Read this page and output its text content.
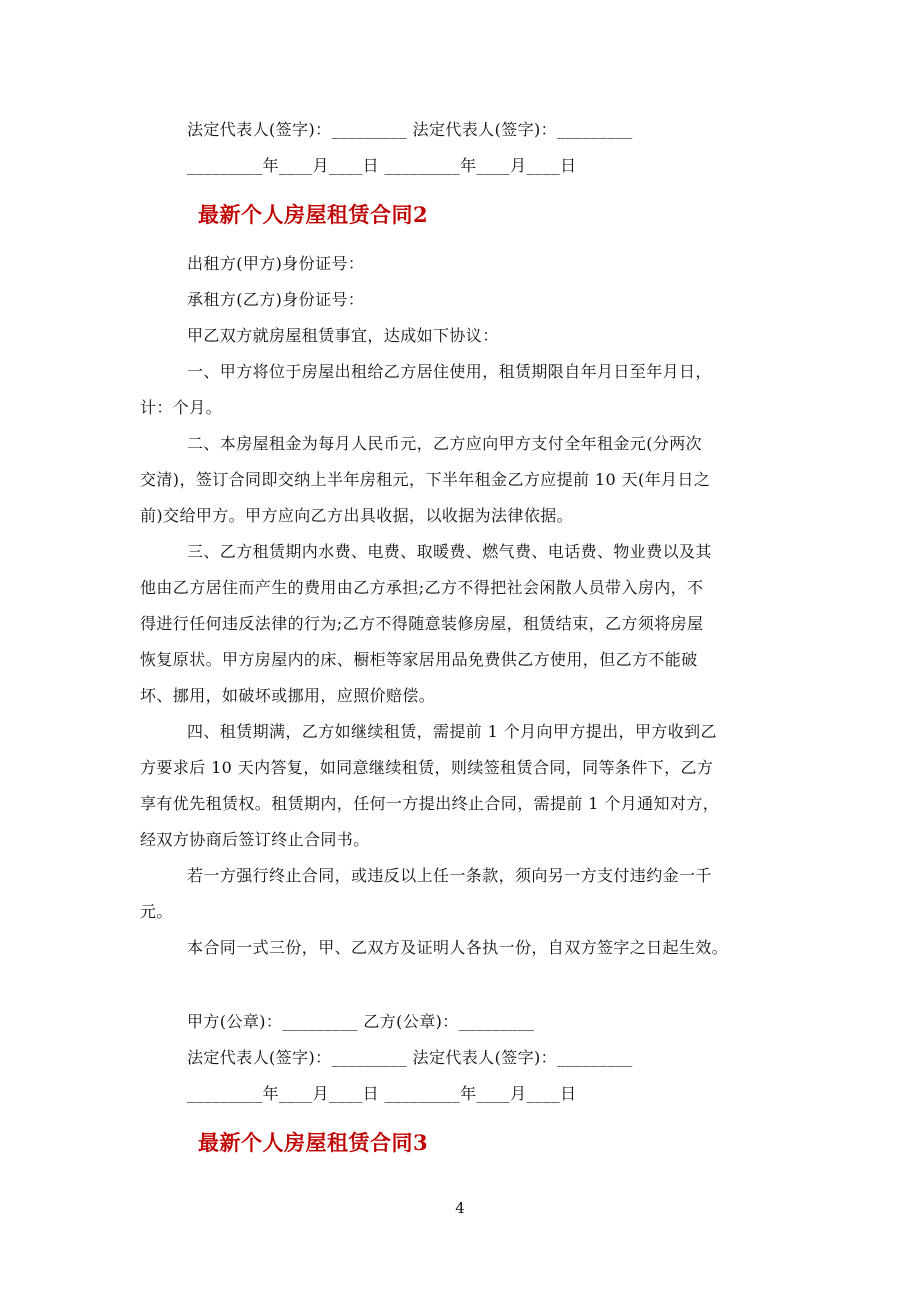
法定代表人(签字)：_________ 法定代表人(签字)：_________
_________年____月____日 _________年____月____日
最新个人房屋租赁合同2
出租方(甲方)身份证号：
承租方(乙方)身份证号：
甲乙双方就房屋租赁事宜，达成如下协议：
一、甲方将位于房屋出租给乙方居住使用，租赁期限自年月日至年月日，
计：个月。
二、本房屋租金为每月人民币元，乙方应向甲方支付全年租金元(分两次
交清)，签订合同即交纳上半年房租元，下半年租金乙方应提前 10 天(年月日之
前)交给甲方。甲方应向乙方出具收据，以收据为法律依据。
三、乙方租赁期内水费、电费、取暖费、燃气费、电话费、物业费以及其
他由乙方居住而产生的费用由乙方承担;乙方不得把社会闲散人员带入房内，不
得进行任何违反法律的行为;乙方不得随意装修房屋，租赁结束，乙方须将房屋
恢复原状。甲方房屋内的床、橱柜等家居用品免费供乙方使用，但乙方不能破
坏、挪用，如破坏或挪用，应照价赔偿。
四、租赁期满，乙方如继续租赁，需提前 1 个月向甲方提出，甲方收到乙
方要求后 10 天内答复，如同意继续租赁，则续签租赁合同，同等条件下，乙方
享有优先租赁权。租赁期内，任何一方提出终止合同，需提前 1 个月通知对方，
经双方协商后签订终止合同书。
若一方强行终止合同，或违反以上任一条款，须向另一方支付违约金一千
元。
本合同一式三份，甲、乙双方及证明人各执一份，自双方签字之日起生效。
甲方(公章)：_________ 乙方(公章)：_________
法定代表人(签字)：_________ 法定代表人(签字)：_________
_________年____月____日 _________年____月____日
最新个人房屋租赁合同3
4
